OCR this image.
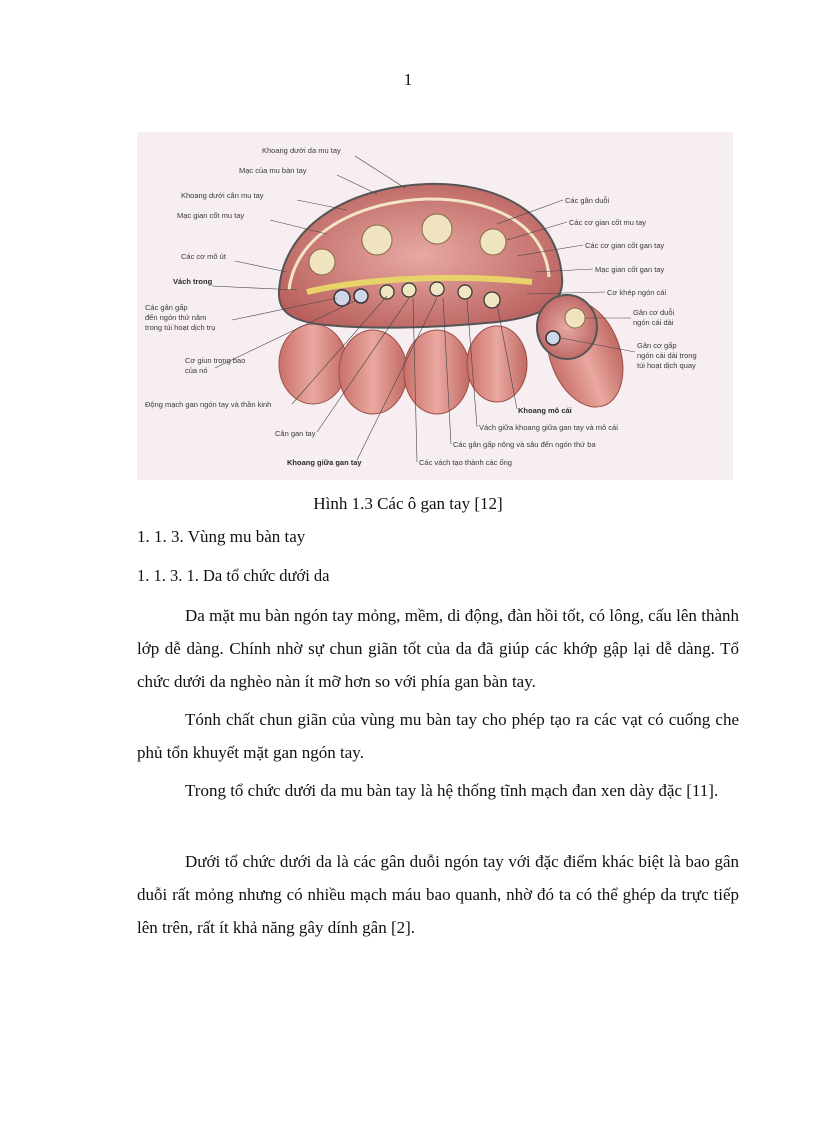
1
Khoang dưới da mu tay
Mạc của mu bàn tay
Khoang dưới cân mu tay
Mạc gian cốt mu tay
Các cơ mô út
Vách trong
Các gân gấp
đến ngón thứ năm
trong túi hoạt dịch trụ
Cơ giun trong bao
của nó
Động mạch gan ngón tay và thần kinh
Cân gan tay
Khoang giữa gan tay
Các gân duỗi
Các cơ gian cốt mu tay
Các cơ gian cốt gan tay
Mạc gian cốt gan tay
Cơ khép ngón cái
Gân cơ duỗi
ngón cái dài
Gân cơ gấp
ngón cái dài trong
túi hoạt dịch quay
Khoang mô cái
Vách giữa khoang giữa gan tay và mô cái
Các gân gấp nông và sâu đến ngón thứ ba
Các vách tạo thành các ống
Hình 1.3 Các ô gan tay [12]
1. 1. 3. Vùng mu bàn tay
1. 1. 3. 1. Da tổ chức dưới da

Da mặt mu bàn ngón tay mỏng, mềm, di động, đàn hồi tốt, có lông, cấu lên thành lớp dễ dàng. Chính nhờ sự chun giãn tốt của da đã giúp các khớp gập lại dễ dàng. Tổ chức dưới da nghèo nàn ít mỡ hơn so với phía gan bàn tay.

Tónh chất chun giãn của vùng mu bàn tay cho phép tạo ra các vạt có cuống che phủ tổn khuyết mặt gan ngón tay.

Trong tổ chức dưới da mu bàn tay là hệ thống tĩnh mạch đan xen dày đặc [11].

Dưới tổ chức dưới da là các gân duỗi ngón tay với đặc điểm khác biệt là bao gân duỗi rất mỏng nhưng có nhiều mạch máu bao quanh, nhờ đó ta có thể ghép da trực tiếp lên trên, rất ít khả năng gây dính gân [2].
